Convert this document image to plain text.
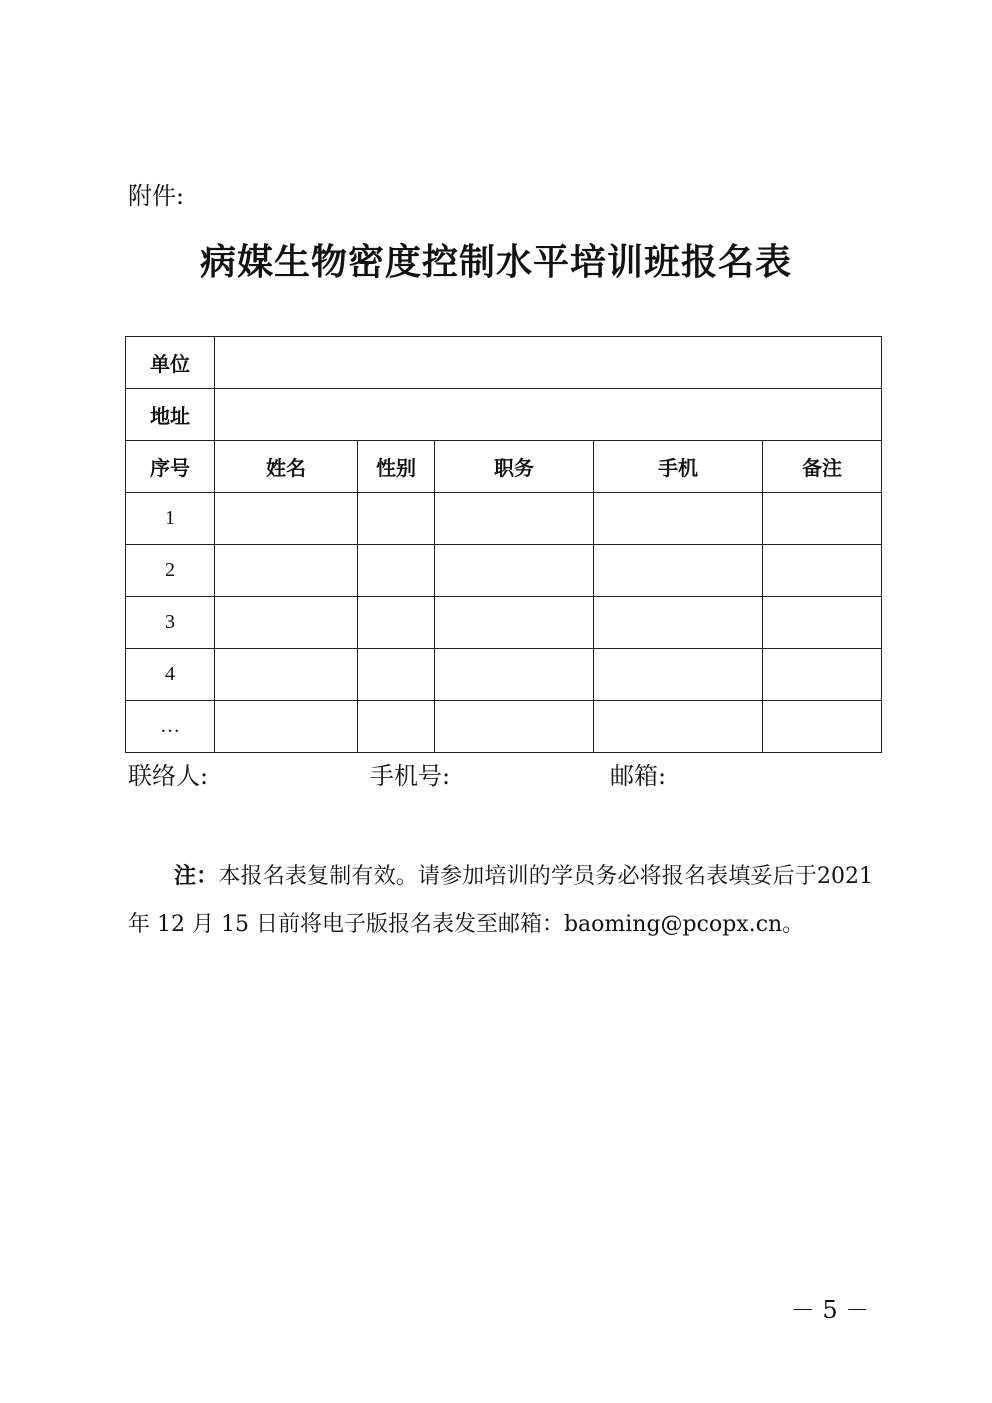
附件:
病媒生物密度控制水平培训班报名表
单位					
地址					
序号	姓名	性别	职务	手机	备注
1					
2					
3					
4					
…					
联络人:	手机号:	邮箱:
注：本报名表复制有效。请参加培训的学员务必将报名表填妥后于2021 年 12 月 15 日前将电子版报名表发至邮箱：baoming@pcopx.cn。
－ 5 －
